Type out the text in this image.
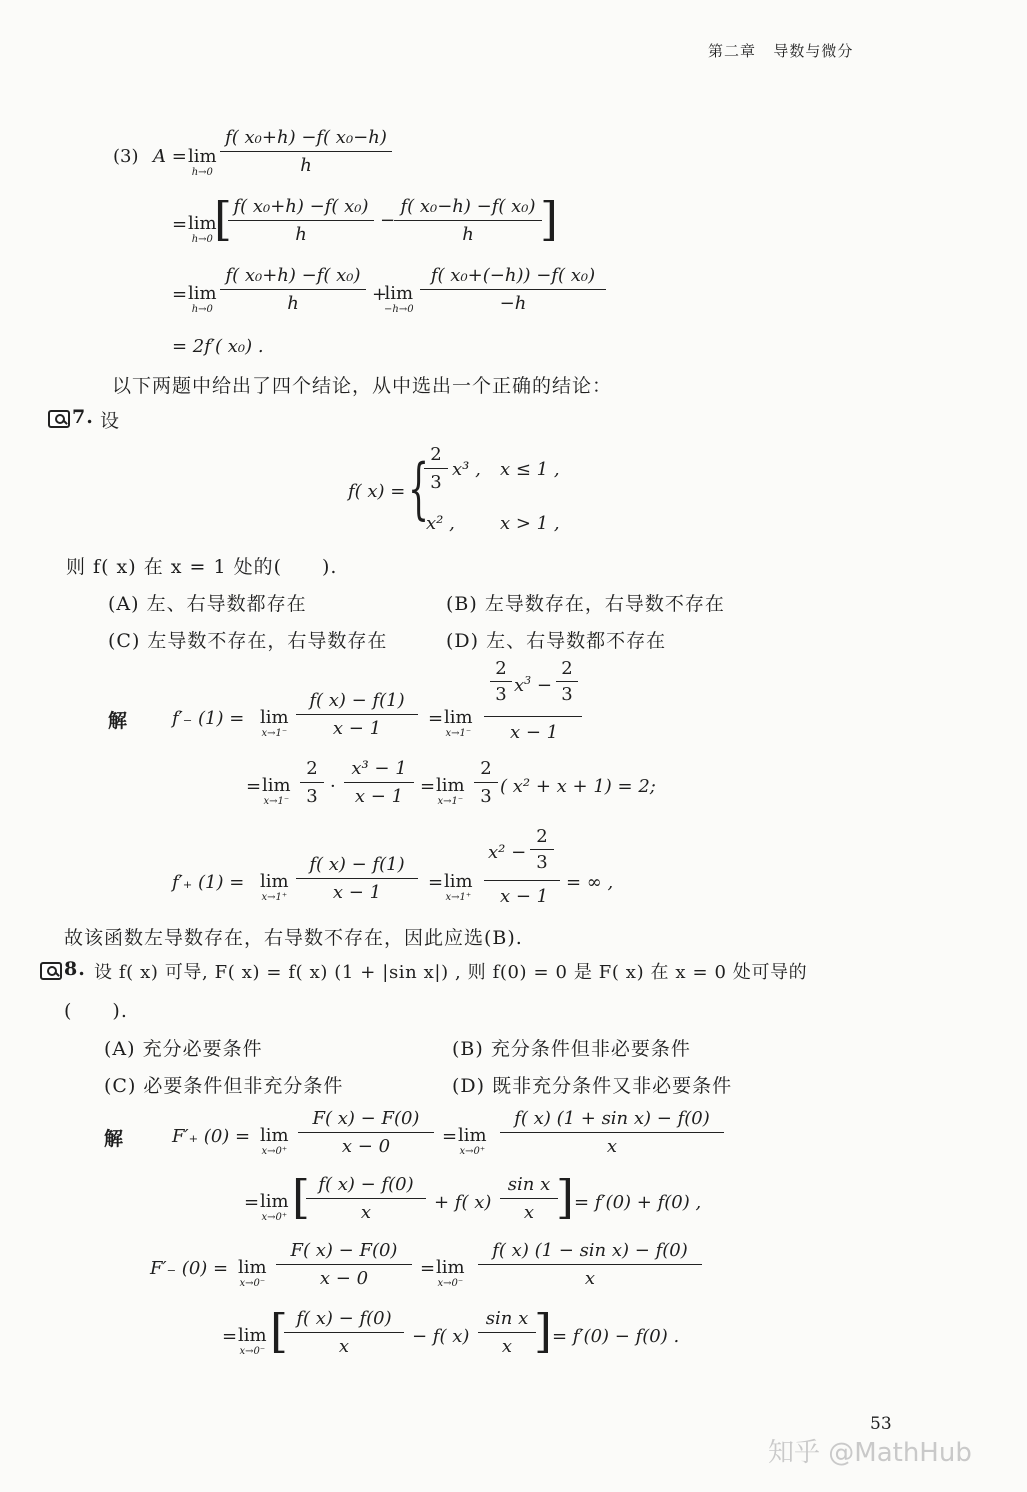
第二章 导数与微分
(3) A = lim
$h\to 0 \frac{\text{f( x₀+h) −f( x₀−h)}}{h}$
= lim
h→0 [
$\frac{\text{f( x₀+h) −f( x₀)}}{h}$ −
$\frac{\text{f( x₀−h) −f( x₀)}}{h}$
]
= lim
$h\to 0 \frac{\text{f( x₀+h) −f( x₀)}}{h}$ +
lim
$-h\to 0 \frac{\text{f( x₀+(−h)) −f( x₀)}}{-h}$
= 2f′( x₀) .
以下两题中给出了四个结论，从中选出一个正确的结论：
7. 设
f( x) = {
$\frac{2}{3} x^3$ , x ≤ 1 ,
x² ,	x > 1 ,
则 f( x) 在 x = 1 处的(　　).
(A) 左、右导数都存在	(B) 左导数存在，右导数不存在
(C) 左导数不存在，右导数存在	(D) 左、右导数都不存在
解 f′₋ (1) = lim
$x\to 1^- \frac{f( x) - f(1)}{x - 1} = \lim$
x→1⁻
$\frac{2}{3} x^3 - \frac{2}{3}$
x − 1
= lim
$x\to 1^- \frac{2}{3} \cdot \frac{\text{x³ − 1}}{x - 1} = \lim$
$x\to 1^- \frac{2}{3}$ ( x² + x + 1) = 2;
f′₊ (1) = lim
$x\to 1^+ \frac{f( x) - f(1)}{x - 1} = \lim$
x→1⁺
$x^2 - \frac{2}{3}$
x − 1
= ∞ ,
故该函数左导数存在，右导数不存在，因此应选(B).
8. 设 f( x) 可导, F( x) = f( x) (1 + |sin x|) , 则 f(0) = 0 是 F( x) 在 x = 0 处可导的
(　　).
(A) 充分必要条件	(B) 充分条件但非必要条件
(C) 必要条件但非充分条件	(D) 既非充分条件又非必要条件
解	F′₊ (0) = lim
$x\to 0^+ \frac{F( x) - F(0)}{x - 0} = \lim$
$x\to 0^+ \frac{\text{f( x) (1 + sin x) − f(0)}}{x}$
= lim
x→0⁺ [
$\frac{f( x) - f(0)}{x} + f$( $x) \frac{\text{sin x}}{x}$
] = f′(0) + f(0) ,
F′₋ (0) = lim
$x\to 0^- \frac{F( x) - F(0)}{x - 0} = \lim$
$x\to 0^- \frac{\text{f( x) (1 − sin x) − f(0)}}{x}$
= lim
x→0⁻ [
$\frac{f( x) - f(0)}{x} - f$( $x) \frac{\text{sin x}}{x}$
] = f′(0) − f(0) .
53
知乎 @MathHub
